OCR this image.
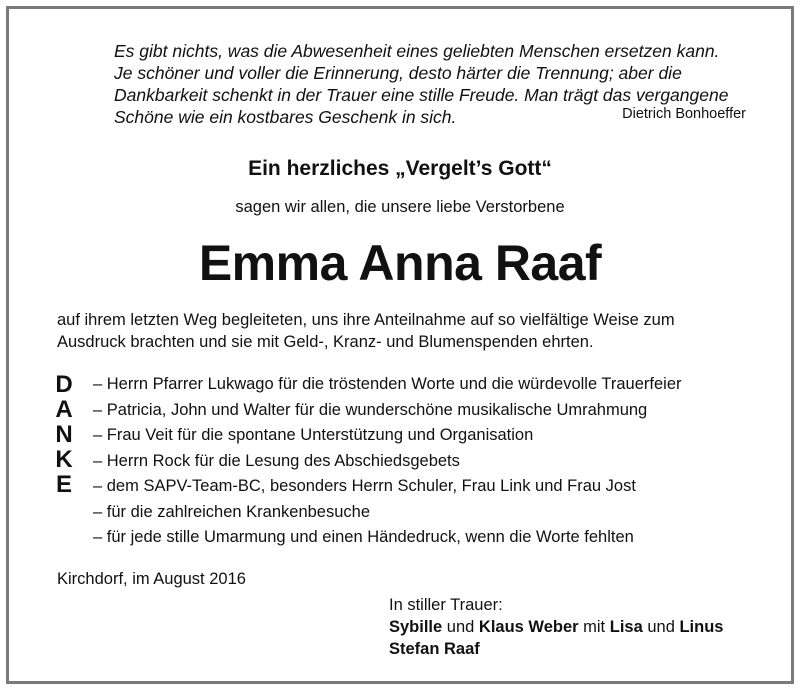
Es gibt nichts, was die Abwesenheit eines geliebten Menschen ersetzen kann.
Je schöner und voller die Erinnerung, desto härter die Trennung; aber die
Dankbarkeit schenkt in der Trauer eine stille Freude. Man trägt das vergangene
Schöne wie ein kostbares Geschenk in sich.	Dietrich Bonhoeffer
Ein herzliches „Vergelt’s Gott“
sagen wir allen, die unsere liebe Verstorbene
Emma Anna Raaf
auf ihrem letzten Weg begleiteten, uns ihre Anteilnahme auf so vielfältige Weise zum
Ausdruck brachten und sie mit Geld-, Kranz- und Blumenspenden ehrten.
D
A
N
K
E
– Herrn Pfarrer Lukwago für die tröstenden Worte und die würdevolle Trauerfeier
– Patricia, John und Walter für die wunderschöne musikalische Umrahmung
– Frau Veit für die spontane Unterstützung und Organisation
– Herrn Rock für die Lesung des Abschiedsgebets
– dem SAPV-Team-BC, besonders Herrn Schuler, Frau Link und Frau Jost
– für die zahlreichen Krankenbesuche
– für jede stille Umarmung und einen Händedruck, wenn die Worte fehlten
Kirchdorf, im August 2016
In stiller Trauer:
Sybille und Klaus Weber mit Lisa und Linus
Stefan Raaf
